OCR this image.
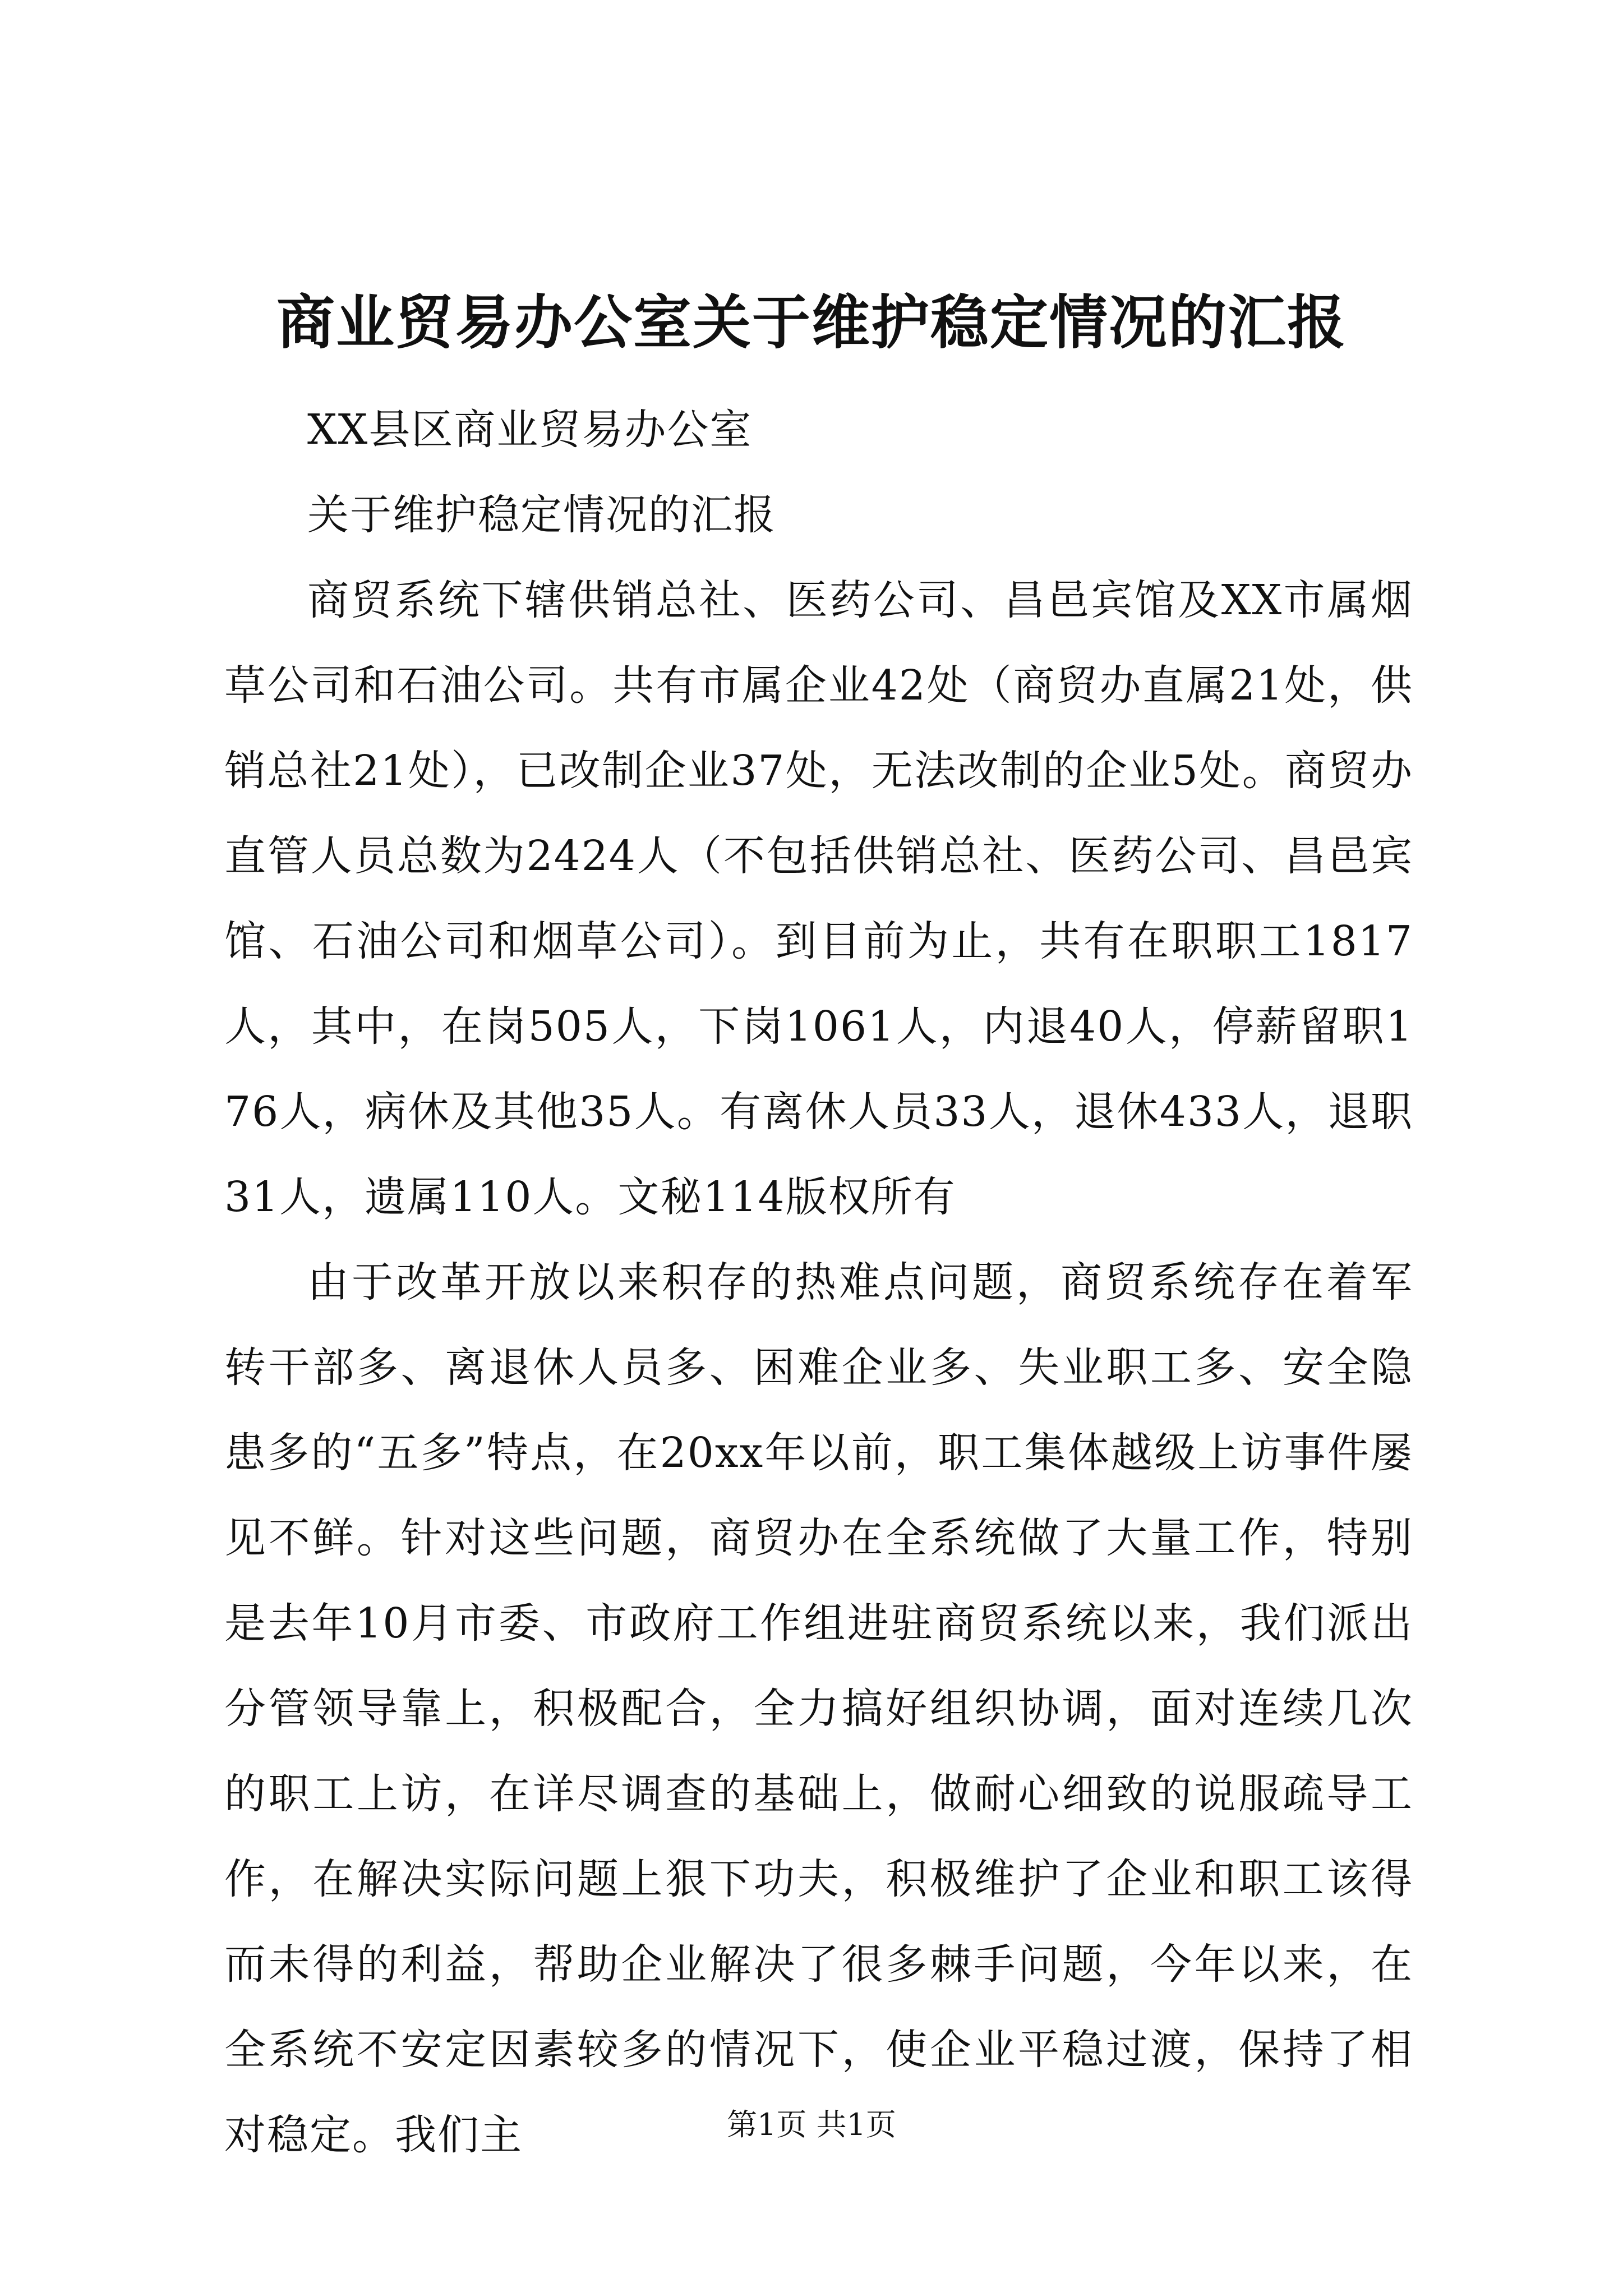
商业贸易办公室关于维护稳定情况的汇报

XX县区商业贸易办公室

关于维护稳定情况的汇报

商贸系统下辖供销总社、医药公司、昌邑宾馆及XX市属烟草公司和石油公司。共有市属企业42处（商贸办直属21处，供销总社21处），已改制企业37处，无法改制的企业5处。商贸办直管人员总数为2424人（不包括供销总社、医药公司、昌邑宾馆、石油公司和烟草公司）。到目前为止，共有在职职工1817人，其中，在岗505人，下岗1061人，内退40人，停薪留职176人，病休及其他35人。有离休人员33人，退休433人，退职31人，遗属110人。文秘114版权所有

由于改革开放以来积存的热难点问题，商贸系统存在着军转干部多、离退休人员多、困难企业多、失业职工多、安全隐患多的“五多”特点，在20xx年以前，职工集体越级上访事件屡见不鲜。针对这些问题，商贸办在全系统做了大量工作，特别是去年10月市委、市政府工作组进驻商贸系统以来，我们派出分管领导靠上，积极配合，全力搞好组织协调，面对连续几次的职工上访，在详尽调查的基础上，做耐心细致的说服疏导工作，在解决实际问题上狠下功夫，积极维护了企业和职工该得而未得的利益，帮助企业解决了很多棘手问题，今年以来，在全系统不安定因素较多的情况下，使企业平稳过渡，保持了相对稳定。我们主	第1页 共1页
